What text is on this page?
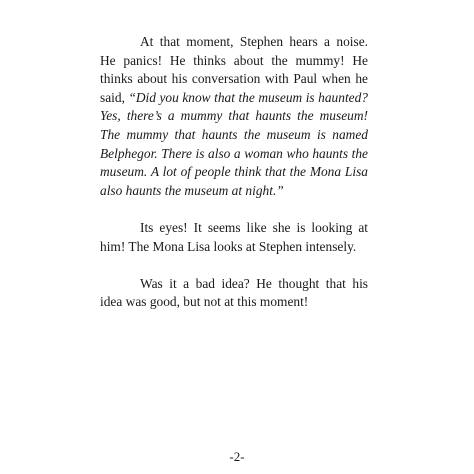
At that moment, Stephen hears a noise. He panics! He thinks about the mummy! He thinks about his conversation with Paul when he said, “Did you know that the museum is haunted? Yes, there’s a mummy that haunts the museum! The mummy that haunts the museum is named Belphegor. There is also a woman who haunts the museum. A lot of people think that the Mona Lisa also haunts the museum at night.”

Its eyes! It seems like she is looking at him! The Mona Lisa looks at Stephen intensely.

Was it a bad idea? He thought that his idea was good, but not at this moment!

-2-
